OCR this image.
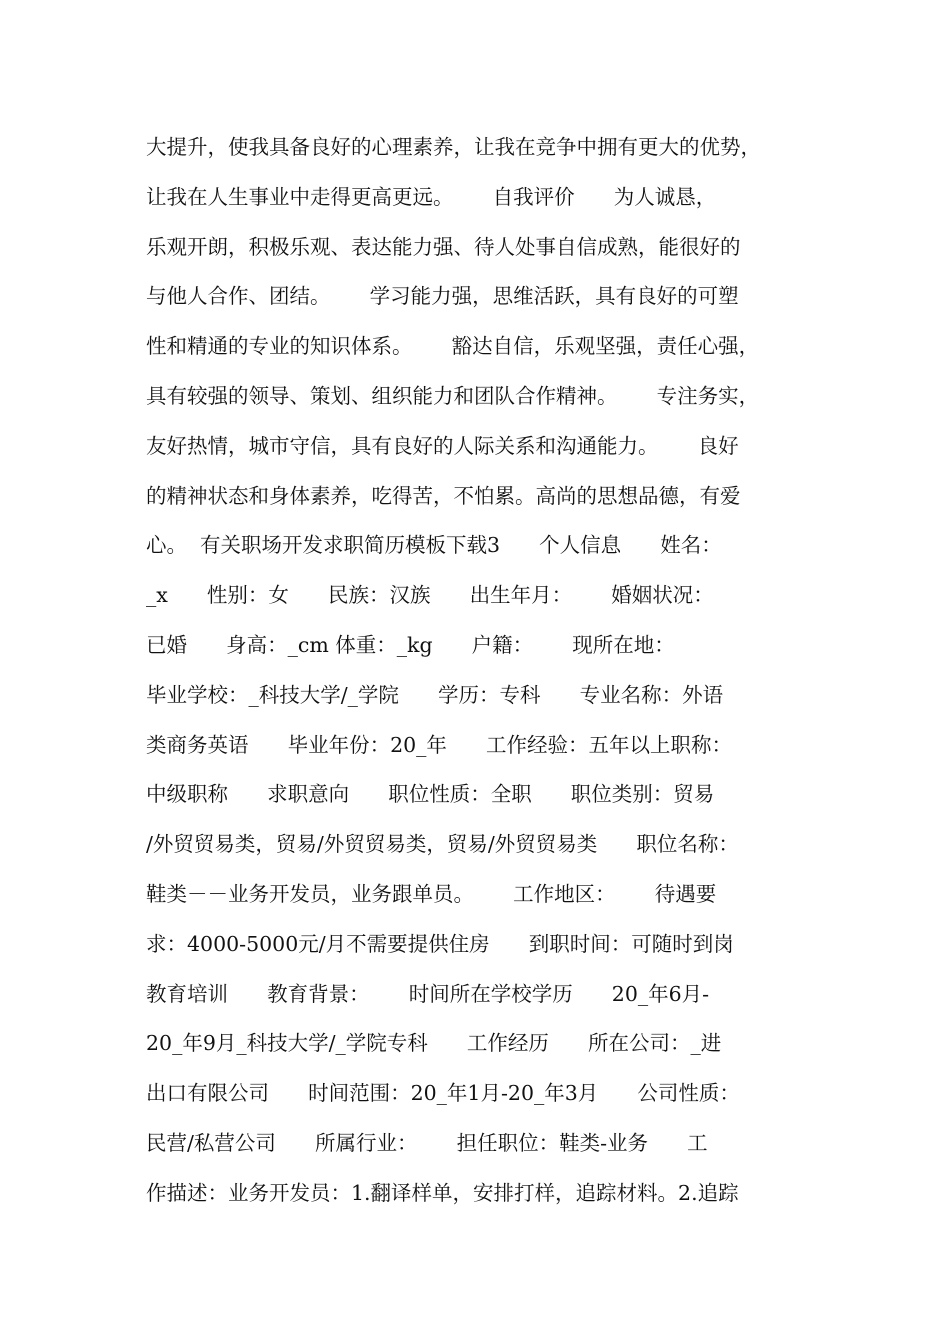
大提升，使我具备良好的心理素养，让我在竞争中拥有更大的优势，
让我在人生事业中走得更高更远。      自我评价      为人诚恳，
乐观开朗，积极乐观、表达能力强、待人处事自信成熟，能很好的
与他人合作、团结。      学习能力强，思维活跃，具有良好的可塑
性和精通的专业的知识体系。      豁达自信，乐观坚强，责任心强，
具有较强的领导、策划、组织能力和团队合作精神。      专注务实，
友好热情，城市守信，具有良好的人际关系和沟通能力。      良好
的精神状态和身体素养，吃得苦，不怕累。高尚的思想品德，有爱
心。  有关职场开发求职简历模板下载3      个人信息      姓名：
_x      性别：女      民族：汉族      出生年月：      婚姻状况：
已婚      身高：_cm 体重：_kg      户籍：      现所在地：
毕业学校：_科技大学/_学院      学历：专科      专业名称：外语
类商务英语      毕业年份：20_年      工作经验：五年以上职称：
中级职称      求职意向      职位性质：全职      职位类别：贸易
/外贸贸易类，贸易/外贸贸易类，贸易/外贸贸易类      职位名称：
鞋类－－业务开发员，业务跟单员。      工作地区：      待遇要
求：4000-5000元/月不需要提供住房      到职时间：可随时到岗
教育培训      教育背景：      时间所在学校学历      20_年6月-
20_年9月_科技大学/_学院专科      工作经历      所在公司：_进
出口有限公司      时间范围：20_年1月-20_年3月      公司性质：
民营/私营公司      所属行业：      担任职位：鞋类-业务      工
作描述：业务开发员：1.翻译样单，安排打样，追踪材料。2.追踪
